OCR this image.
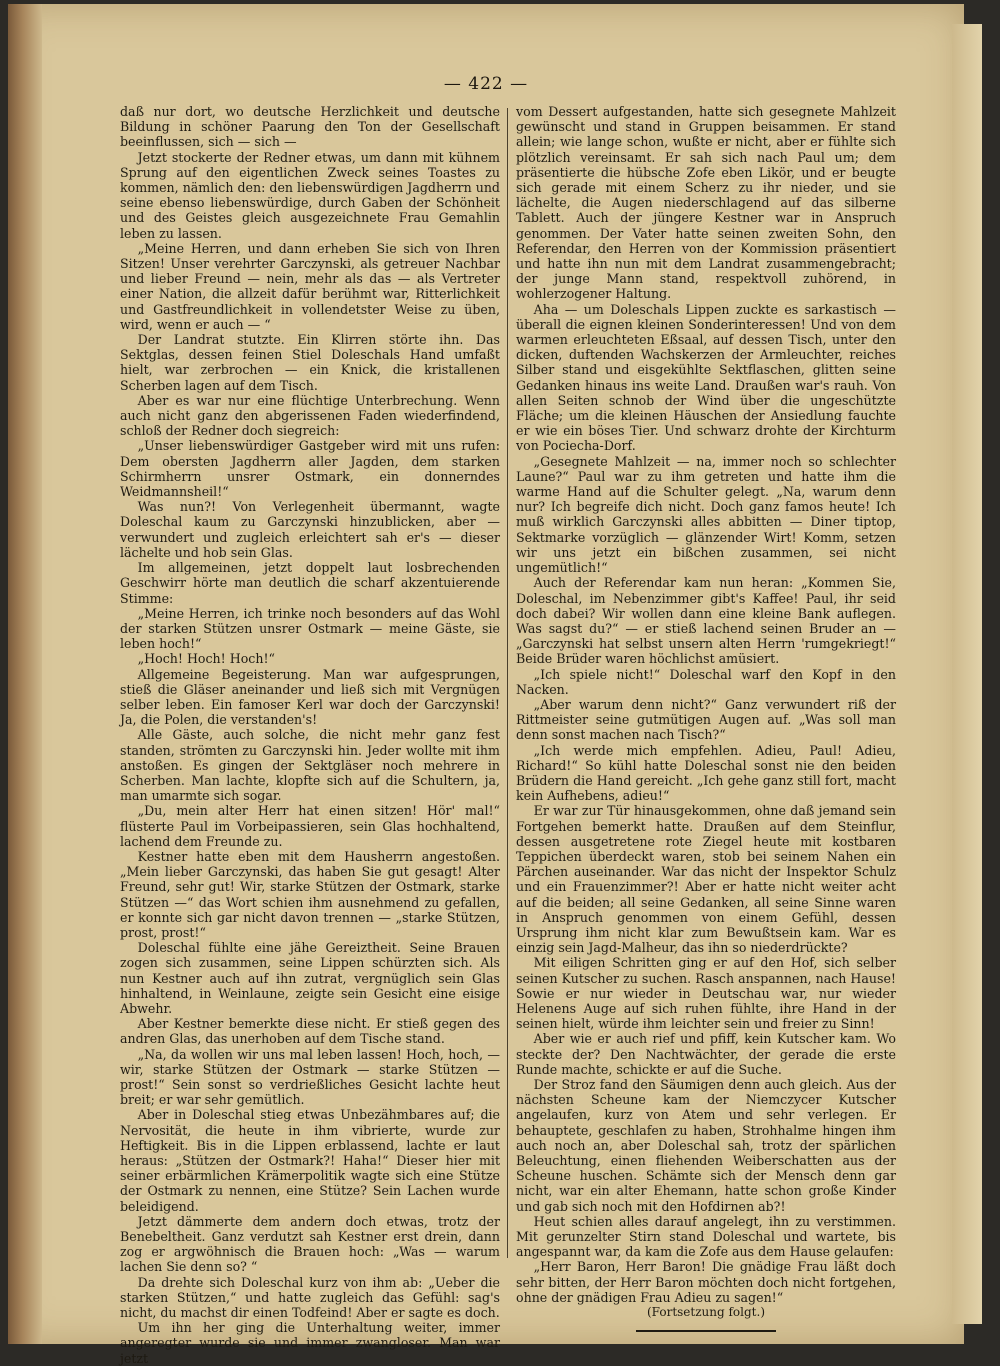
— 422 —

daß nur dort, wo deutsche Herzlichkeit und deutsche Bildung in schöner Paarung den Ton der Gesellschaft beeinflussen, sich — sich —

Jetzt stockerte der Redner etwas, um dann mit kühnem Sprung auf den eigentlichen Zweck seines Toastes zu kommen, nämlich den: den liebenswürdigen Jagdherrn und seine ebenso liebenswürdige, durch Gaben der Schönheit und des Geistes gleich ausgezeichnete Frau Gemahlin leben zu lassen.

„Meine Herren, und dann erheben Sie sich von Ihren Sitzen! Unser verehrter Garczynski, als getreuer Nachbar und lieber Freund — nein, mehr als das — als Vertreter einer Nation, die allzeit dafür berühmt war, Ritterlichkeit und Gastfreundlichkeit in vollendetster Weise zu üben, wird, wenn er auch — “

Der Landrat stutzte. Ein Klirren störte ihn. Das Sektglas, dessen feinen Stiel Doleschals Hand umfaßt hielt, war zerbrochen — ein Knick, die kristallenen Scherben lagen auf dem Tisch.

Aber es war nur eine flüchtige Unterbrechung. Wenn auch nicht ganz den abgerissenen Faden wiederfindend, schloß der Redner doch siegreich:

„Unser liebenswürdiger Gastgeber wird mit uns rufen: Dem obersten Jagdherrn aller Jagden, dem starken Schirmherrn unsrer Ostmark, ein donnerndes Weidmannsheil!“

Was nun?! Von Verlegenheit übermannt, wagte Doleschal kaum zu Garczynski hinzublicken, aber — verwundert und zugleich erleichtert sah er's — dieser lächelte und hob sein Glas.

Im allgemeinen, jetzt doppelt laut losbrechenden Geschwirr hörte man deutlich die scharf akzentuierende Stimme:

„Meine Herren, ich trinke noch besonders auf das Wohl der starken Stützen unsrer Ostmark — meine Gäste, sie leben hoch!“

„Hoch! Hoch! Hoch!“

Allgemeine Begeisterung. Man war aufgesprungen, stieß die Gläser aneinander und ließ sich mit Vergnügen selber leben. Ein famoser Kerl war doch der Garczynski! Ja, die Polen, die verstanden's!

Alle Gäste, auch solche, die nicht mehr ganz fest standen, strömten zu Garczynski hin. Jeder wollte mit ihm anstoßen. Es gingen der Sektgläser noch mehrere in Scherben. Man lachte, klopfte sich auf die Schultern, ja, man umarmte sich sogar.

„Du, mein alter Herr hat einen sitzen! Hör' mal!“ flüsterte Paul im Vorbeipassieren, sein Glas hochhaltend, lachend dem Freunde zu.

Kestner hatte eben mit dem Hausherrn angestoßen. „Mein lieber Garczynski, das haben Sie gut gesagt! Alter Freund, sehr gut! Wir, starke Stützen der Ostmark, starke Stützen —“ das Wort schien ihm ausnehmend zu gefallen, er konnte sich gar nicht davon trennen — „starke Stützen, prost, prost!“

Doleschal fühlte eine jähe Gereiztheit. Seine Brauen zogen sich zusammen, seine Lippen schürzten sich. Als nun Kestner auch auf ihn zutrat, vergnüglich sein Glas hinhaltend, in Weinlaune, zeigte sein Gesicht eine eisige Abwehr.

Aber Kestner bemerkte diese nicht. Er stieß gegen des andren Glas, das unerhoben auf dem Tische stand.

„Na, da wollen wir uns mal leben lassen! Hoch, hoch, — wir, starke Stützen der Ostmark — starke Stützen — prost!“ Sein sonst so verdrießliches Gesicht lachte heut breit; er war sehr gemütlich.

Aber in Doleschal stieg etwas Unbezähmbares auf; die Nervosität, die heute in ihm vibrierte, wurde zur Heftigkeit. Bis in die Lippen erblassend, lachte er laut heraus: „Stützen der Ostmark?! Haha!“ Dieser hier mit seiner erbärmlichen Krämerpolitik wagte sich eine Stütze der Ostmark zu nennen, eine Stütze? Sein Lachen wurde beleidigend.

Jetzt dämmerte dem andern doch etwas, trotz der Benebeltheit. Ganz verdutzt sah Kestner erst drein, dann zog er argwöhnisch die Brauen hoch: „Was — warum lachen Sie denn so? “

Da drehte sich Doleschal kurz von ihm ab: „Ueber die starken Stützen,“ und hatte zugleich das Gefühl: sag's nicht, du machst dir einen Todfeind! Aber er sagte es doch.

Um ihn her ging die Unterhaltung weiter, immer angeregter wurde sie und immer zwangloser. Man war jetzt

vom Dessert aufgestanden, hatte sich gesegnete Mahlzeit gewünscht und stand in Gruppen beisammen. Er stand allein; wie lange schon, wußte er nicht, aber er fühlte sich plötzlich vereinsamt. Er sah sich nach Paul um; dem präsentierte die hübsche Zofe eben Likör, und er beugte sich gerade mit einem Scherz zu ihr nieder, und sie lächelte, die Augen niederschlagend auf das silberne Tablett. Auch der jüngere Kestner war in Anspruch genommen. Der Vater hatte seinen zweiten Sohn, den Referendar, den Herren von der Kommission präsentiert und hatte ihn nun mit dem Landrat zusammengebracht; der junge Mann stand, respektvoll zuhörend, in wohlerzogener Haltung.

Aha — um Doleschals Lippen zuckte es sarkastisch — überall die eignen kleinen Sonderinteressen! Und von dem warmen erleuchteten Eßsaal, auf dessen Tisch, unter den dicken, duftenden Wachskerzen der Armleuchter, reiches Silber stand und eisgekühlte Sektflaschen, glitten seine Gedanken hinaus ins weite Land. Draußen war's rauh. Von allen Seiten schnob der Wind über die ungeschützte Fläche; um die kleinen Häuschen der Ansiedlung fauchte er wie ein böses Tier. Und schwarz drohte der Kirchturm von Pociecha-Dorf.

„Gesegnete Mahlzeit — na, immer noch so schlechter Laune?“ Paul war zu ihm getreten und hatte ihm die warme Hand auf die Schulter gelegt. „Na, warum denn nur? Ich begreife dich nicht. Doch ganz famos heute! Ich muß wirklich Garczynski alles abbitten — Diner tiptop, Sektmarke vorzüglich — glänzender Wirt! Komm, setzen wir uns jetzt ein bißchen zusammen, sei nicht ungemütlich!“

Auch der Referendar kam nun heran: „Kommen Sie, Doleschal, im Nebenzimmer gibt's Kaffee! Paul, ihr seid doch dabei? Wir wollen dann eine kleine Bank auflegen. Was sagst du?“ — er stieß lachend seinen Bruder an — „Garczynski hat selbst unsern alten Herrn 'rumgekriegt!“ Beide Brüder waren höchlichst amüsiert.

„Ich spiele nicht!“ Doleschal warf den Kopf in den Nacken.

„Aber warum denn nicht?“ Ganz verwundert riß der Rittmeister seine gutmütigen Augen auf. „Was soll man denn sonst machen nach Tisch?“

„Ich werde mich empfehlen. Adieu, Paul! Adieu, Richard!“ So kühl hatte Doleschal sonst nie den beiden Brüdern die Hand gereicht. „Ich gehe ganz still fort, macht kein Aufhebens, adieu!“

Er war zur Tür hinausgekommen, ohne daß jemand sein Fortgehen bemerkt hatte. Draußen auf dem Steinflur, dessen ausgetretene rote Ziegel heute mit kostbaren Teppichen überdeckt waren, stob bei seinem Nahen ein Pärchen auseinander. War das nicht der Inspektor Schulz und ein Frauenzimmer?! Aber er hatte nicht weiter acht auf die beiden; all seine Gedanken, all seine Sinne waren in Anspruch genommen von einem Gefühl, dessen Ursprung ihm nicht klar zum Bewußtsein kam. War es einzig sein Jagd-Malheur, das ihn so niederdrückte?

Mit eiligen Schritten ging er auf den Hof, sich selber seinen Kutscher zu suchen. Rasch anspannen, nach Hause! Sowie er nur wieder in Deutschau war, nur wieder Helenens Auge auf sich ruhen fühlte, ihre Hand in der seinen hielt, würde ihm leichter sein und freier zu Sinn!

Aber wie er auch rief und pfiff, kein Kutscher kam. Wo steckte der? Den Nachtwächter, der gerade die erste Runde machte, schickte er auf die Suche.

Der Stroz fand den Säumigen denn auch gleich. Aus der nächsten Scheune kam der Niemczycer Kutscher angelaufen, kurz von Atem und sehr verlegen. Er behauptete, geschlafen zu haben, Strohhalme hingen ihm auch noch an, aber Doleschal sah, trotz der spärlichen Beleuchtung, einen fliehenden Weiberschatten aus der Scheune huschen. Schämte sich der Mensch denn gar nicht, war ein alter Ehemann, hatte schon große Kinder und gab sich noch mit den Hofdirnen ab?!

Heut schien alles darauf angelegt, ihn zu verstimmen. Mit gerunzelter Stirn stand Doleschal und wartete, bis angespannt war, da kam die Zofe aus dem Hause gelaufen:

„Herr Baron, Herr Baron! Die gnädige Frau läßt doch sehr bitten, der Herr Baron möchten doch nicht fortgehen, ohne der gnädigen Frau Adieu zu sagen!“

(Fortsetzung folgt.)
